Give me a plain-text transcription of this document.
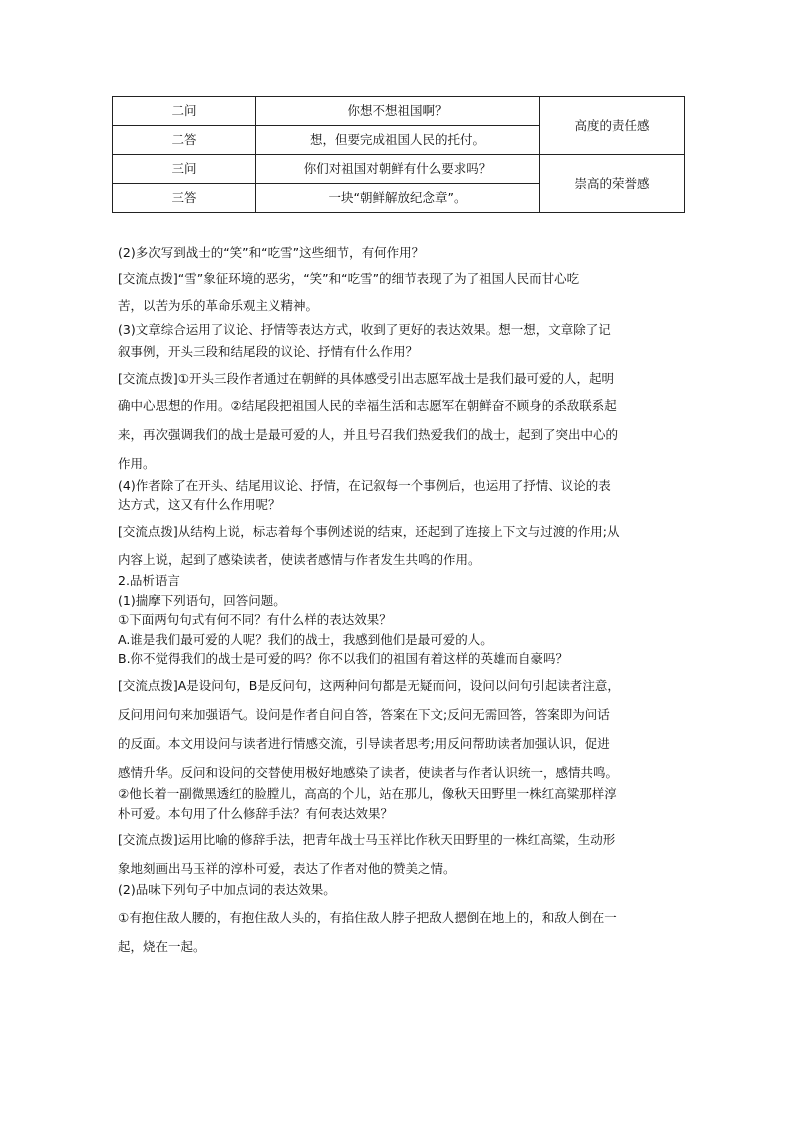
二问	你想不想祖国啊？	高度的责任感
二答	想，但要完成祖国人民的托付。	
三问	你们对祖国对朝鲜有什么要求吗？	崇高的荣誉感
三答	一块“朝鲜解放纪念章”。	
(2)多次写到战士的“笑”和“吃雪”这些细节，有何作用？
[交流点拨]“雪”象征环境的恶劣，“笑”和“吃雪”的细节表现了为了祖国人民而甘心吃
苦，以苦为乐的革命乐观主义精神。
(3)文章综合运用了议论、抒情等表达方式，收到了更好的表达效果。想一想，文章除了记
叙事例，开头三段和结尾段的议论、抒情有什么作用？
[交流点拨]①开头三段作者通过在朝鲜的具体感受引出志愿军战士是我们最可爱的人，起明
确中心思想的作用。②结尾段把祖国人民的幸福生活和志愿军在朝鲜奋不顾身的杀敌联系起
来，再次强调我们的战士是最可爱的人，并且号召我们热爱我们的战士，起到了突出中心的
作用。
(4)作者除了在开头、结尾用议论、抒情，在记叙每一个事例后，也运用了抒情、议论的表
达方式，这又有什么作用呢？
[交流点拨]从结构上说，标志着每个事例述说的结束，还起到了连接上下文与过渡的作用;从
内容上说，起到了感染读者，使读者感情与作者发生共鸣的作用。
2.品析语言
(1)揣摩下列语句，回答问题。
①下面两句句式有何不同？有什么样的表达效果？
A.谁是我们最可爱的人呢？我们的战士，我感到他们是最可爱的人。
B.你不觉得我们的战士是可爱的吗？你不以我们的祖国有着这样的英雄而自豪吗？
[交流点拨]A是设问句，B是反问句，这两种问句都是无疑而问，设问以问句引起读者注意，
反问用问句来加强语气。设问是作者自问自答，答案在下文;反问无需回答，答案即为问话
的反面。本文用设问与读者进行情感交流，引导读者思考;用反问帮助读者加强认识，促进
感情升华。反问和设问的交替使用极好地感染了读者，使读者与作者认识统一，感情共鸣。
②他长着一副微黑透红的脸膛儿，高高的个儿，站在那儿，像秋天田野里一株红高粱那样淳
朴可爱。本句用了什么修辞手法？有何表达效果？
[交流点拨]运用比喻的修辞手法，把青年战士马玉祥比作秋天田野里的一株红高粱，生动形
象地刻画出马玉祥的淳朴可爱，表达了作者对他的赞美之情。
(2)品味下列句子中加点词的表达效果。
①有抱住敌人腰的，有抱住敌人头的，有掐住敌人脖子把敌人摁倒在地上的，和敌人倒在一
起，烧在一起。
